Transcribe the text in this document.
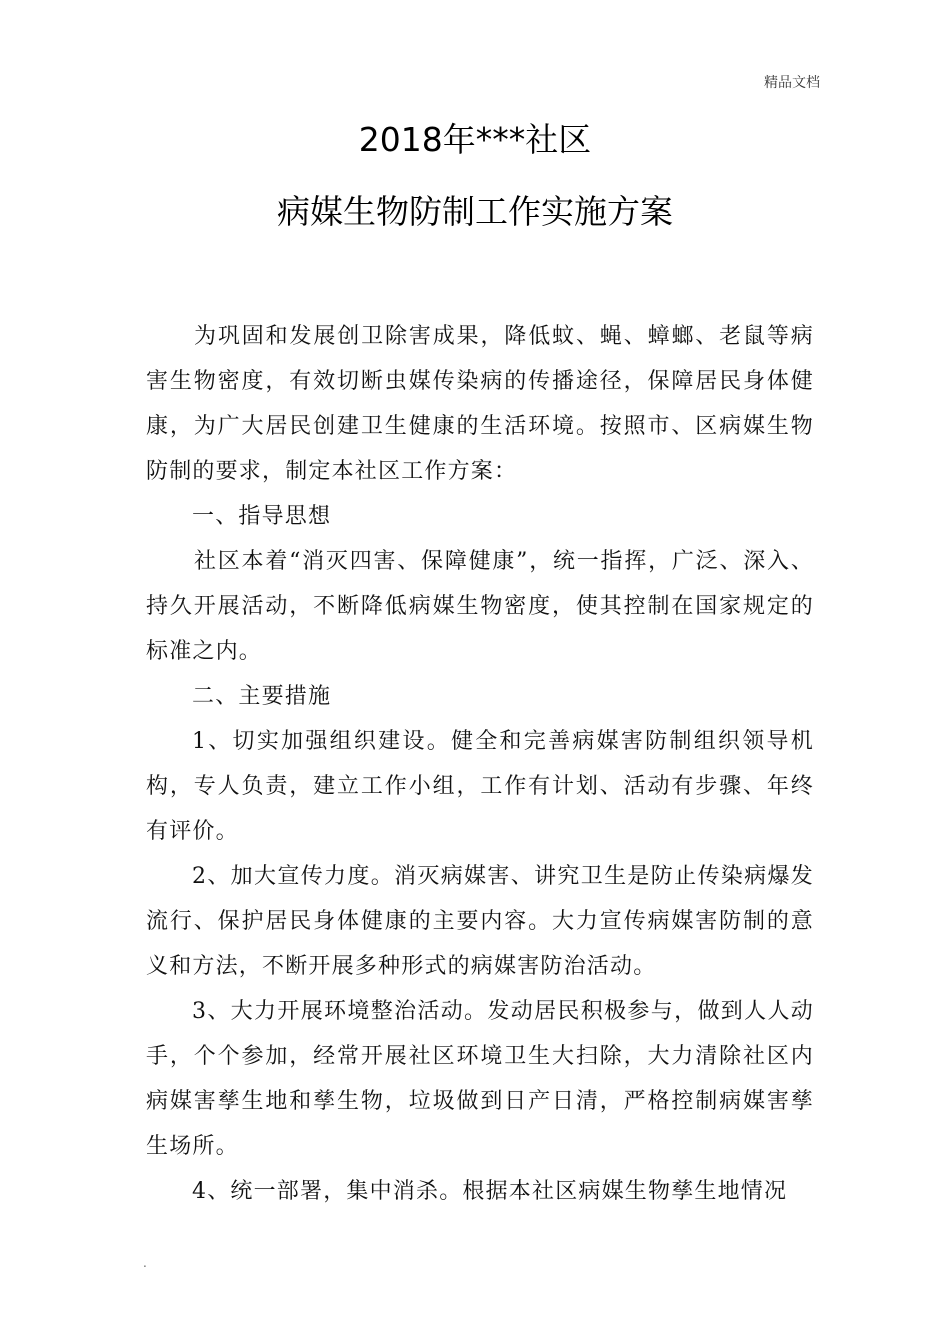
精品文档
2018年***社区
病媒生物防制工作实施方案

为巩固和发展创卫除害成果，降低蚊、蝇、蟑螂、老鼠等病害生物密度，有效切断虫媒传染病的传播途径，保障居民身体健康，为广大居民创建卫生健康的生活环境。按照市、区病媒生物防制的要求，制定本社区工作方案：

一、指导思想

社区本着“消灭四害、保障健康”，统一指挥，广泛、深入、持久开展活动，不断降低病媒生物密度，使其控制在国家规定的标准之内。

二、主要措施

1、切实加强组织建设。健全和完善病媒害防制组织领导机构，专人负责，建立工作小组，工作有计划、活动有步骤、年终有评价。

2、加大宣传力度。消灭病媒害、讲究卫生是防止传染病爆发流行、保护居民身体健康的主要内容。大力宣传病媒害防制的意义和方法，不断开展多种形式的病媒害防治活动。

3、大力开展环境整治活动。发动居民积极参与，做到人人动手，个个参加，经常开展社区环境卫生大扫除，大力清除社区内病媒害孳生地和孳生物，垃圾做到日产日清，严格控制病媒害孳生场所。

4、统一部署，集中消杀。根据本社区病媒生物孳生地情况

.
